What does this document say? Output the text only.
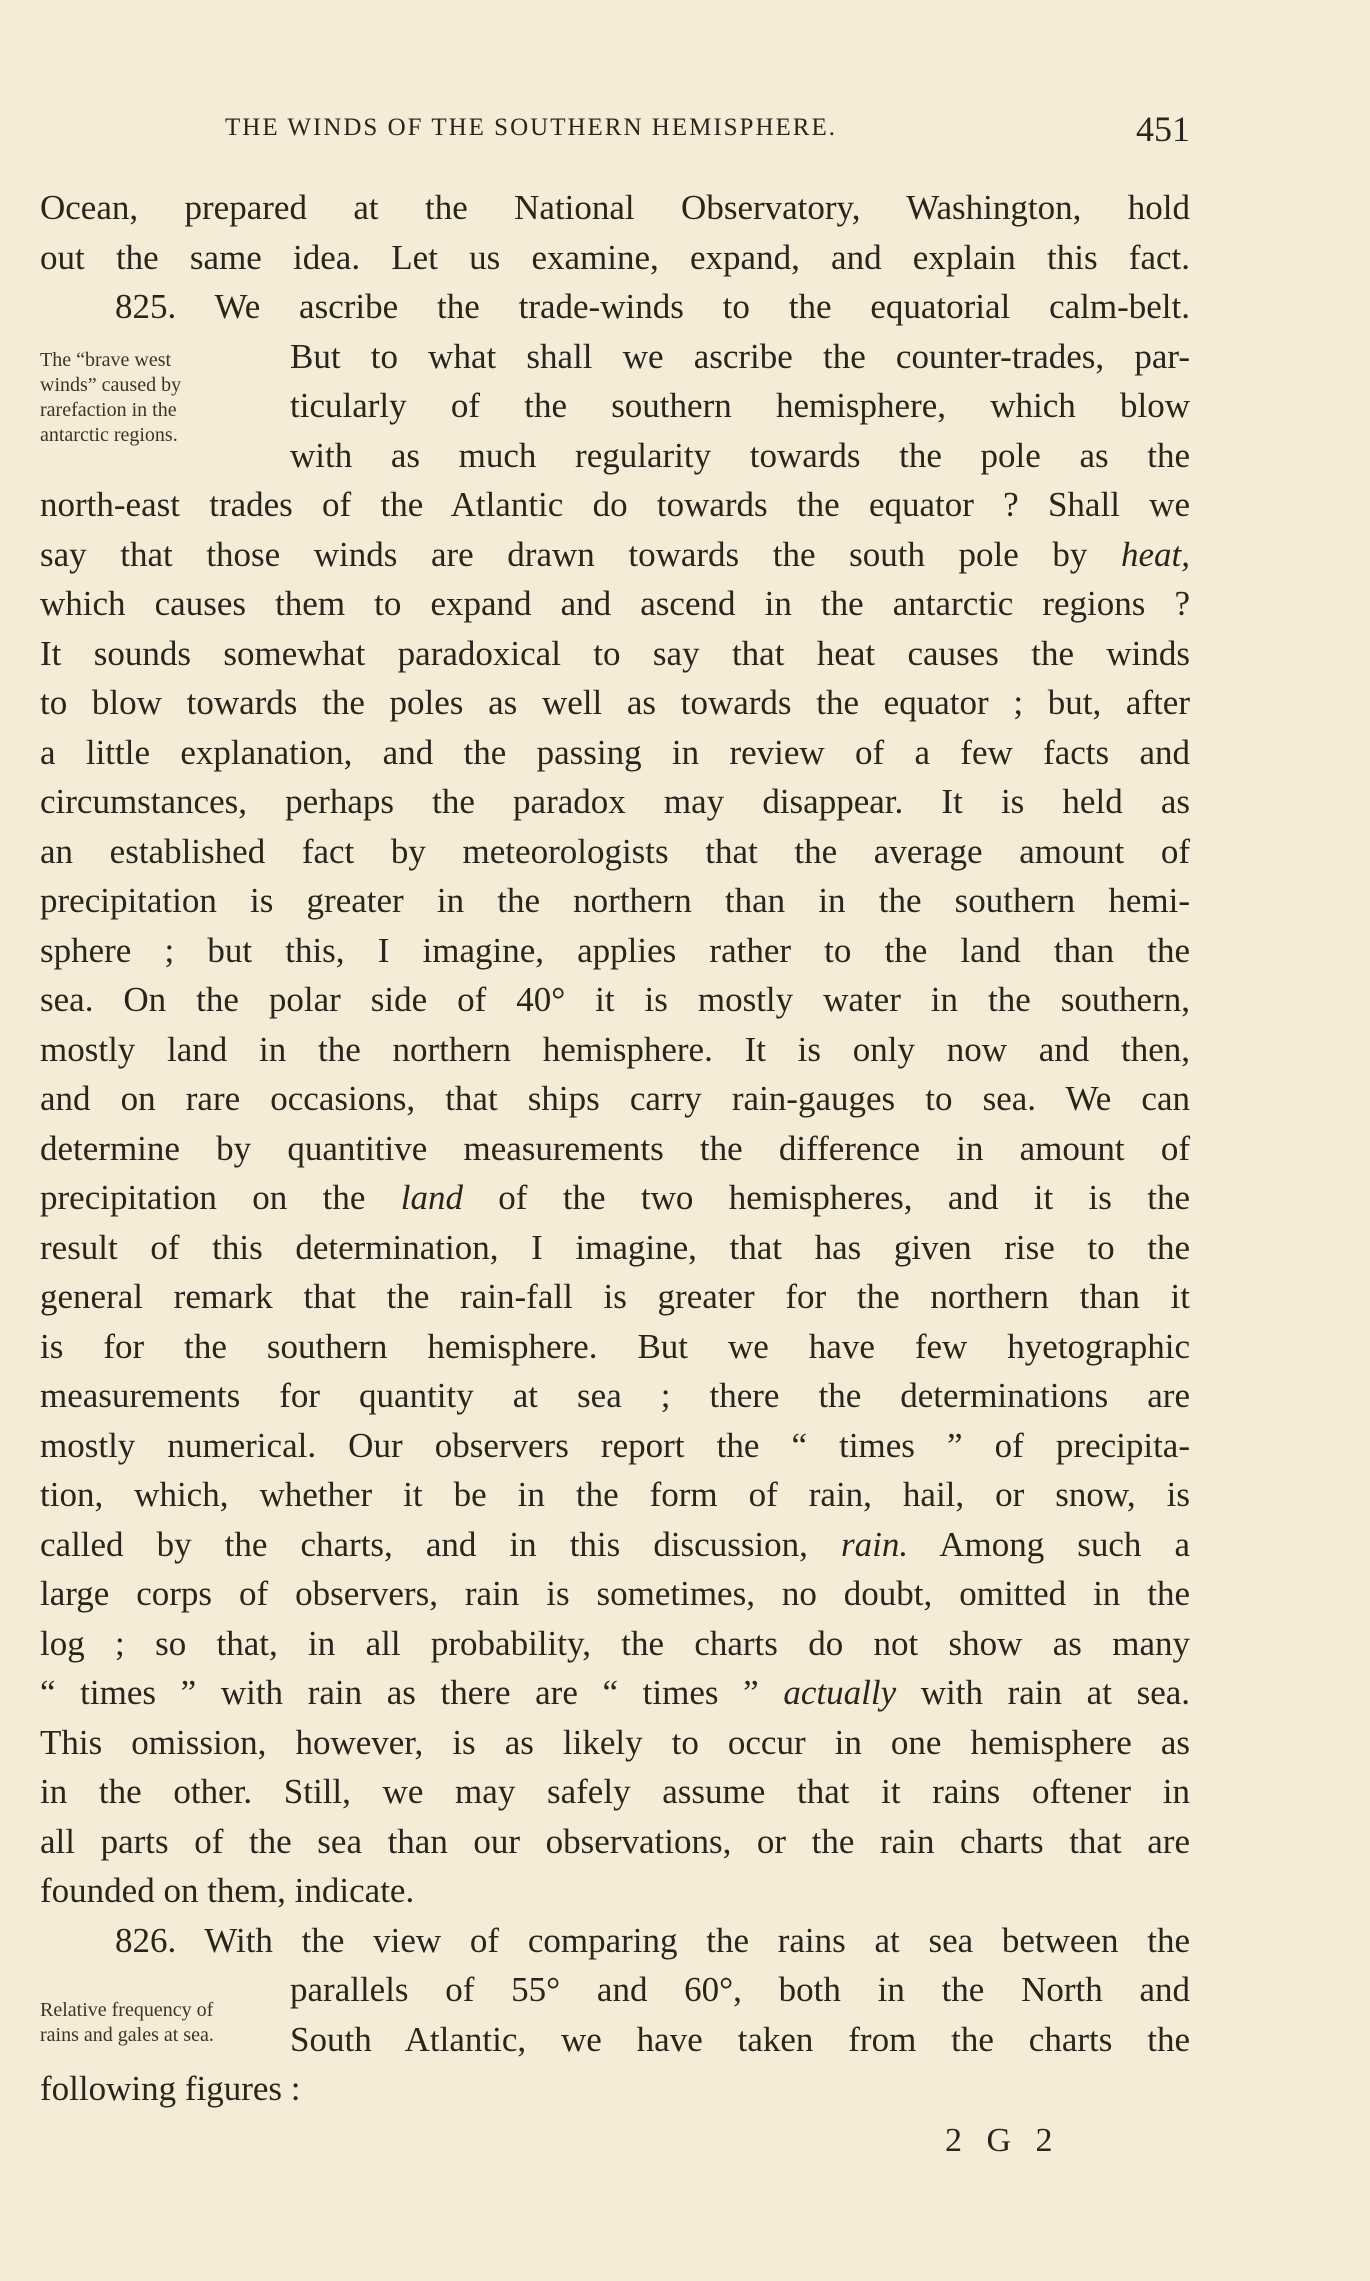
THE WINDS OF THE SOUTHERN HEMISPHERE.	451
The “brave west
winds” caused by
rarefaction in the
antarctic regions.
Relative frequency of
rains and gales at sea.
Ocean, prepared at the National Observatory, Washington, hold
out the same idea. Let us examine, expand, and explain this fact.
825. We ascribe the trade-winds to the equatorial calm-belt.
But to what shall we ascribe the counter-trades, par-
ticularly of the southern hemisphere, which blow
with as much regularity towards the pole as the
north-east trades of the Atlantic do towards the equator ? Shall we
say that those winds are drawn towards the south pole by heat,
which causes them to expand and ascend in the antarctic regions ?
It sounds somewhat paradoxical to say that heat causes the winds
to blow towards the poles as well as towards the equator ; but, after
a little explanation, and the passing in review of a few facts and
circumstances, perhaps the paradox may disappear. It is held as
an established fact by meteorologists that the average amount of
precipitation is greater in the northern than in the southern hemi-
sphere ; but this, I imagine, applies rather to the land than the
sea. On the polar side of 40° it is mostly water in the southern,
mostly land in the northern hemisphere. It is only now and then,
and on rare occasions, that ships carry rain-gauges to sea. We can
determine by quantitive measurements the difference in amount of
precipitation on the land of the two hemispheres, and it is the
result of this determination, I imagine, that has given rise to the
general remark that the rain-fall is greater for the northern than it
is for the southern hemisphere. But we have few hyetographic
measurements for quantity at sea ; there the determinations are
mostly numerical. Our observers report the “ times ” of precipita-
tion, which, whether it be in the form of rain, hail, or snow, is
called by the charts, and in this discussion, rain. Among such a
large corps of observers, rain is sometimes, no doubt, omitted in the
log ; so that, in all probability, the charts do not show as many
“ times ” with rain as there are “ times ” actually with rain at sea.
This omission, however, is as likely to occur in one hemisphere as
in the other. Still, we may safely assume that it rains oftener in
all parts of the sea than our observations, or the rain charts that are
founded on them, indicate.
826. With the view of comparing the rains at sea between the
parallels of 55° and 60°, both in the North and
South Atlantic, we have taken from the charts the
following figures :
2 G 2
